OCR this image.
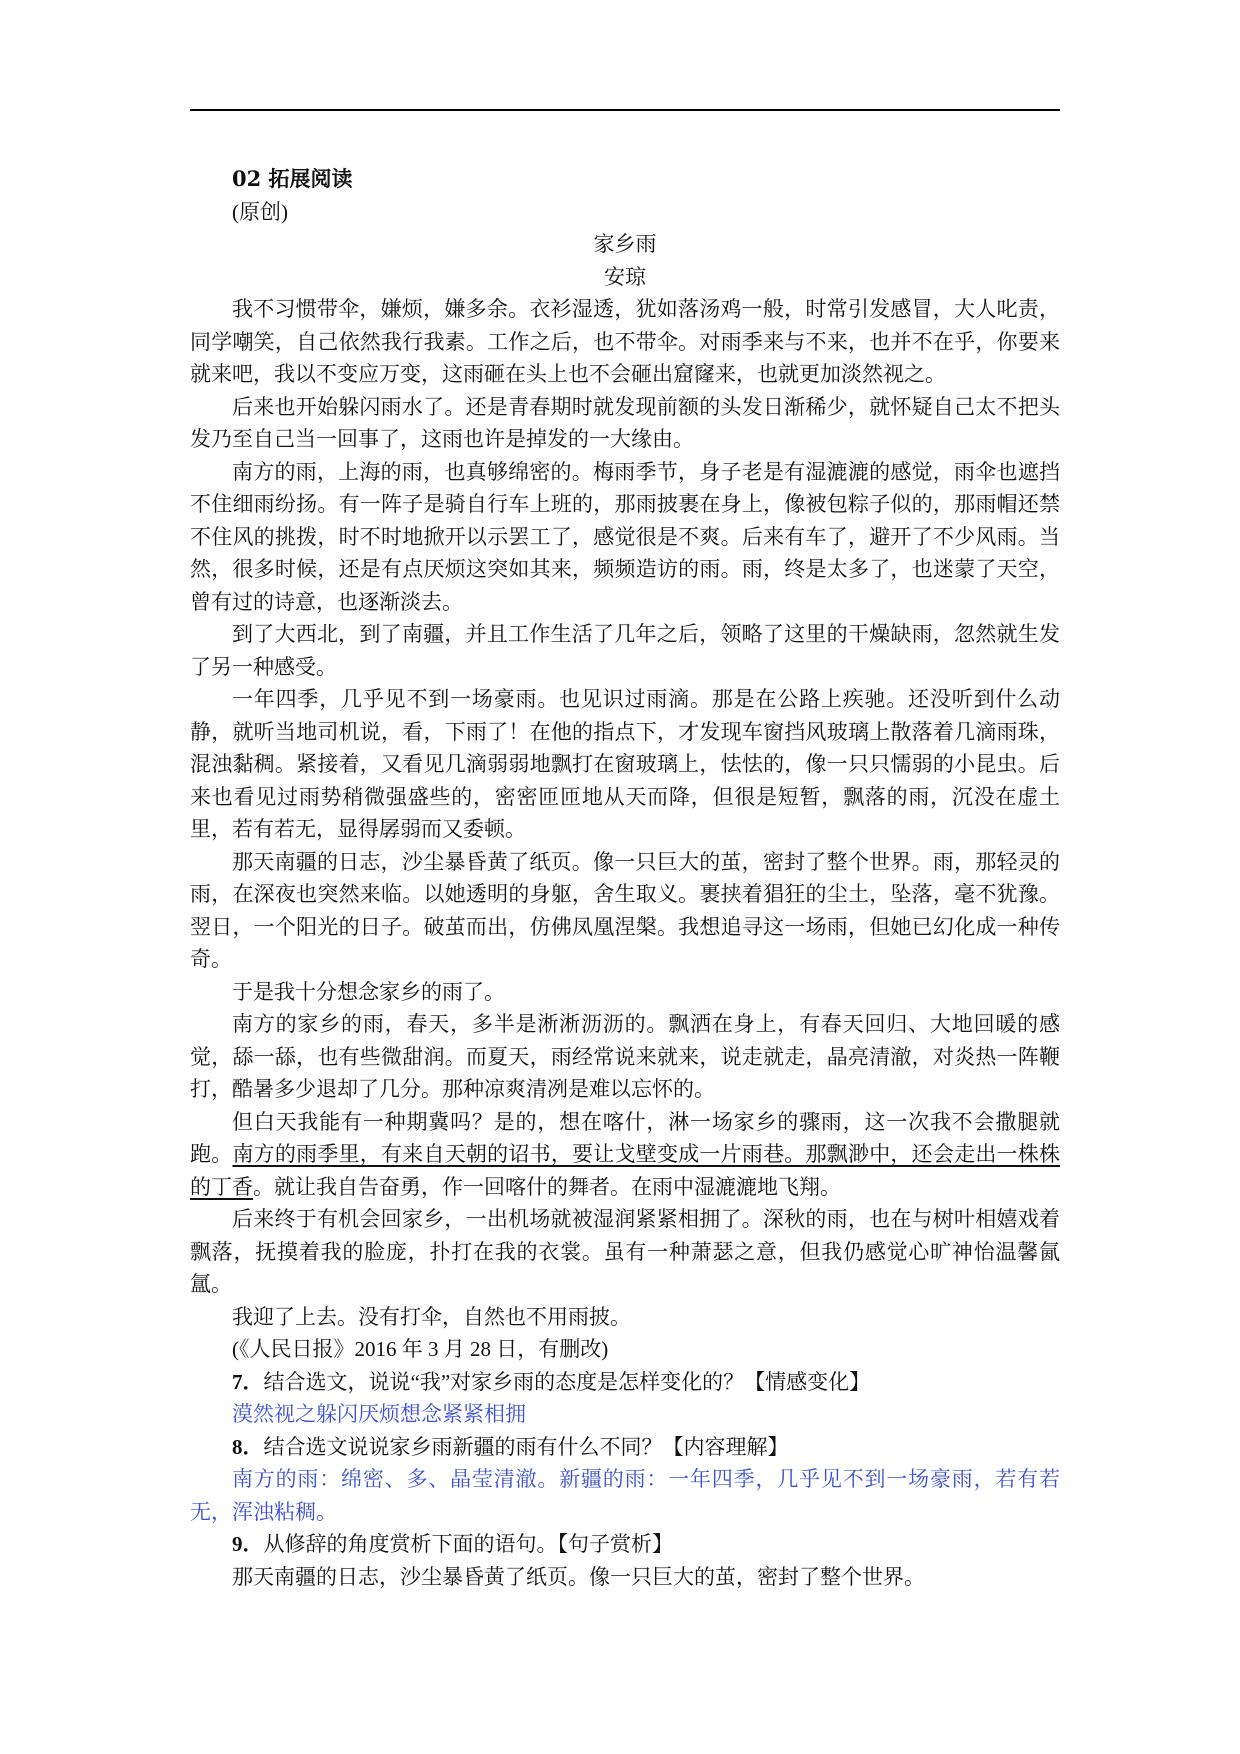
02 拓展阅读
(原创)
家乡雨
安琼

我不习惯带伞，嫌烦，嫌多余。衣衫湿透，犹如落汤鸡一般，时常引发感冒，大人叱责，同学嘲笑，自己依然我行我素。工作之后，也不带伞。对雨季来与不来，也并不在乎，你要来就来吧，我以不变应万变，这雨砸在头上也不会砸出窟窿来，也就更加淡然视之。

后来也开始躲闪雨水了。还是青春期时就发现前额的头发日渐稀少，就怀疑自己太不把头发乃至自己当一回事了，这雨也许是掉发的一大缘由。

南方的雨，上海的雨，也真够绵密的。梅雨季节，身子老是有湿漉漉的感觉，雨伞也遮挡不住细雨纷扬。有一阵子是骑自行车上班的，那雨披裹在身上，像被包粽子似的，那雨帽还禁不住风的挑拨，时不时地掀开以示罢工了，感觉很是不爽。后来有车了，避开了不少风雨。当然，很多时候，还是有点厌烦这突如其来，频频造访的雨。雨，终是太多了，也迷蒙了天空，曾有过的诗意，也逐渐淡去。

到了大西北，到了南疆，并且工作生活了几年之后，领略了这里的干燥缺雨，忽然就生发了另一种感受。

一年四季，几乎见不到一场豪雨。也见识过雨滴。那是在公路上疾驰。还没听到什么动静，就听当地司机说，看，下雨了！在他的指点下，才发现车窗挡风玻璃上散落着几滴雨珠，混浊黏稠。紧接着，又看见几滴弱弱地飘打在窗玻璃上，怯怯的，像一只只懦弱的小昆虫。后来也看见过雨势稍微强盛些的，密密匝匝地从天而降，但很是短暂，飘落的雨，沉没在虚土里，若有若无，显得孱弱而又委顿。

那天南疆的日志，沙尘暴昏黄了纸页。像一只巨大的茧，密封了整个世界。雨，那轻灵的雨，在深夜也突然来临。以她透明的身躯，舍生取义。裹挟着猖狂的尘土，坠落，毫不犹豫。翌日，一个阳光的日子。破茧而出，仿佛凤凰涅槃。我想追寻这一场雨，但她已幻化成一种传奇。

于是我十分想念家乡的雨了。

南方的家乡的雨，春天，多半是淅淅沥沥的。飘洒在身上，有春天回归、大地回暖的感觉，舔一舔，也有些微甜润。而夏天，雨经常说来就来，说走就走，晶亮清澈，对炎热一阵鞭打，酷暑多少退却了几分。那种凉爽清冽是难以忘怀的。

但白天我能有一种期冀吗？是的，想在喀什，淋一场家乡的骤雨，这一次我不会撒腿就跑。南方的雨季里，有来自天朝的诏书，要让戈壁变成一片雨巷。那飘渺中，还会走出一株株的丁香。就让我自告奋勇，作一回喀什的舞者。在雨中湿漉漉地飞翔。

后来终于有机会回家乡，一出机场就被湿润紧紧相拥了。深秋的雨，也在与树叶相嬉戏着飘落，抚摸着我的脸庞，扑打在我的衣裳。虽有一种萧瑟之意，但我仍感觉心旷神怡温馨氤氲。

我迎了上去。没有打伞，自然也不用雨披。

(《人民日报》2016 年 3 月 28 日，有删改)
7．结合选文，说说“我”对家乡雨的态度是怎样变化的？【情感变化】
漠然视之躲闪厌烦想念紧紧相拥
8．结合选文说说家乡雨新疆的雨有什么不同？【内容理解】

南方的雨：绵密、多、晶莹清澈。新疆的雨：一年四季，几乎见不到一场豪雨，若有若无，浑浊粘稠。

9．从修辞的角度赏析下面的语句。【句子赏析】
那天南疆的日志，沙尘暴昏黄了纸页。像一只巨大的茧，密封了整个世界。
